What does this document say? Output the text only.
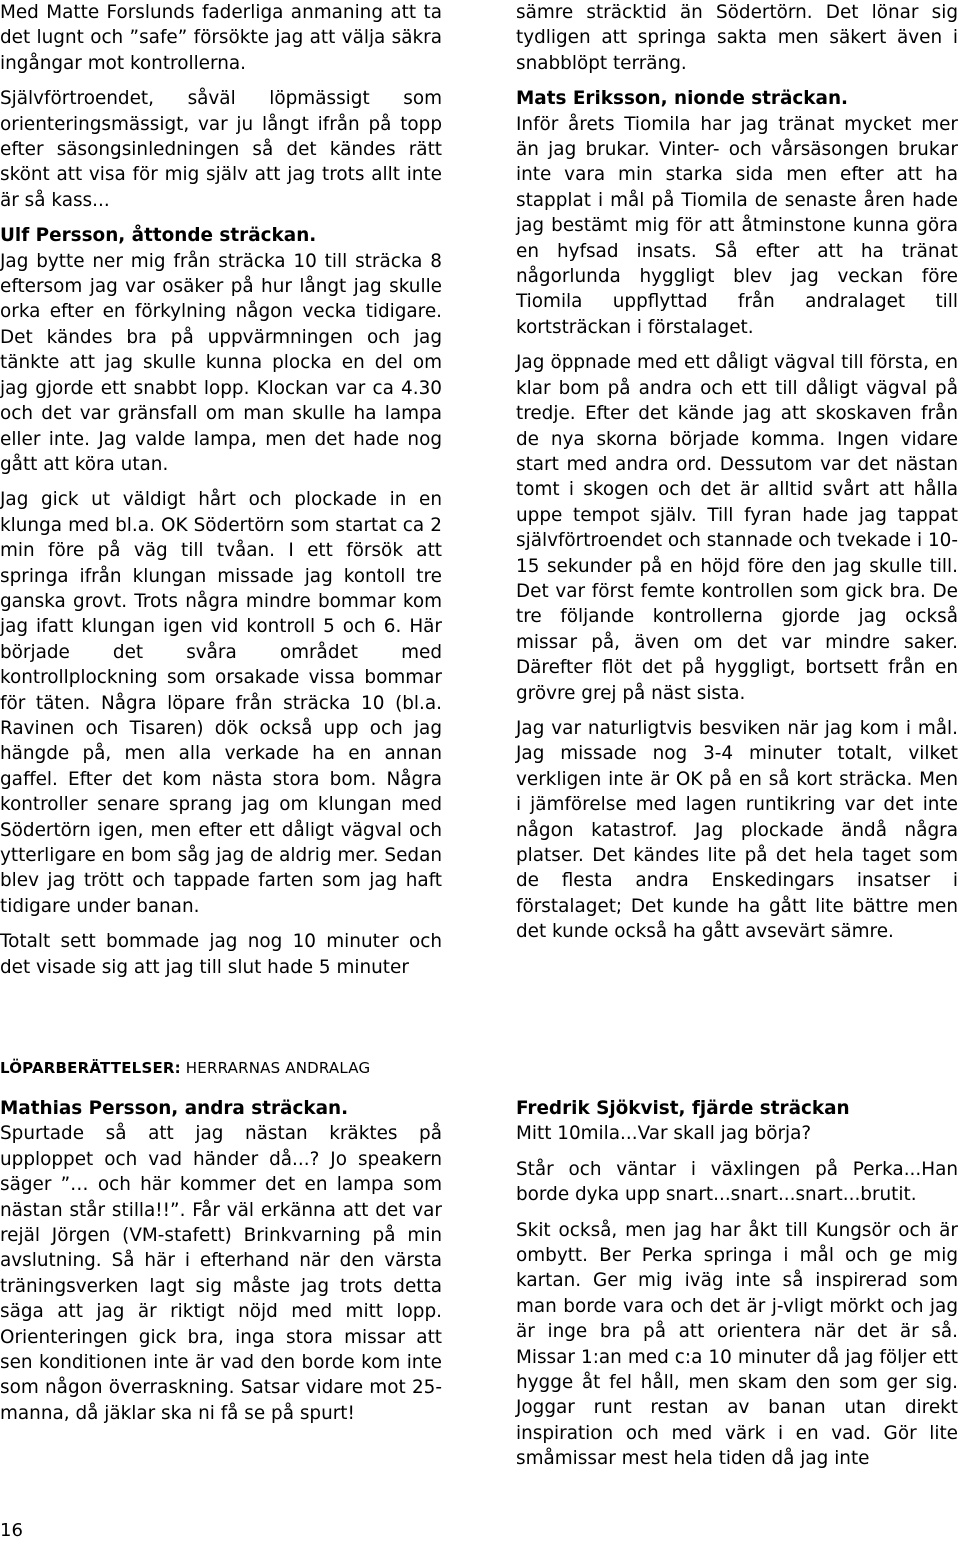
Med Matte Forslunds faderliga anmaning att ta det lugnt och ”safe” försökte jag att välja säkra ingångar mot kontrollerna.

Självförtroendet, såväl löpmässigt som orienteringsmässigt, var ju långt ifrån på topp efter säsongsinledningen så det kändes rätt skönt att visa för mig själv att jag trots allt inte är så kass...

Ulf Persson, åttonde sträckan.

Jag bytte ner mig från sträcka 10 till sträcka 8 eftersom jag var osäker på hur långt jag skulle orka efter en förkylning någon vecka tidigare. Det kändes bra på uppvärmningen och jag tänkte att jag skulle kunna plocka en del om jag gjorde ett snabbt lopp. Klockan var ca 4.30 och det var gränsfall om man skulle ha lampa eller inte. Jag valde lampa, men det hade nog gått att köra utan.

Jag gick ut väldigt hårt och plockade in en klunga med bl.a. OK Södertörn som startat ca 2 min före på väg till tvåan. I ett försök att springa ifrån klungan missade jag kontoll tre ganska grovt. Trots några mindre bommar kom jag ifatt klungan igen vid kontroll 5 och 6. Här började det svåra området med kontrollplockning som orsakade vissa bommar för täten. Några löpare från sträcka 10 (bl.a. Ravinen och Tisaren) dök också upp och jag hängde på, men alla verkade ha en annan gaffel. Efter det kom nästa stora bom. Några kontroller senare sprang jag om klungan med Södertörn igen, men efter ett dåligt vägval och ytterligare en bom såg jag de aldrig mer. Sedan blev jag trött och tappade farten som jag haft tidigare under banan.

Totalt sett bommade jag nog 10 minuter och det visade sig att jag till slut hade 5 minuter

sämre sträcktid än Södertörn. Det lönar sig tydligen att springa sakta men säkert även i snabblöpt terräng.

Mats Eriksson, nionde sträckan.

Inför årets Tiomila har jag tränat mycket mer än jag brukar. Vinter- och vårsäsongen brukar inte vara min starka sida men efter att ha stapplat i mål på Tiomila de senaste åren hade jag bestämt mig för att åtminstone kunna göra en hyfsad insats. Så efter att ha tränat någorlunda hyggligt blev jag veckan före Tiomila uppflyttad från andralaget till kortsträckan i förstalaget.

Jag öppnade med ett dåligt vägval till första, en klar bom på andra och ett till dåligt vägval på tredje. Efter det kände jag att skoskaven från de nya skorna började komma. Ingen vidare start med andra ord. Dessutom var det nästan tomt i skogen och det är alltid svårt att hålla uppe tempot själv. Till fyran hade jag tappat självförtroendet och stannade och tvekade i 10-15 sekunder på en höjd före den jag skulle till. Det var först femte kontrollen som gick bra. De tre följande kontrollerna gjorde jag också missar på, även om det var mindre saker. Därefter flöt det på hyggligt, bortsett från en grövre grej på näst sista.

Jag var naturligtvis besviken när jag kom i mål. Jag missade nog 3-4 minuter totalt, vilket verkligen inte är OK på en så kort sträcka. Men i jämförelse med lagen runtikring var det inte någon katastrof. Jag plockade ändå några platser. Det kändes lite på det hela taget som de flesta andra Enskedingars insatser i förstalaget; Det kunde ha gått lite bättre men det kunde också ha gått avsevärt sämre.

LÖPARBERÄTTELSER: HERRARNAS ANDRALAG
Mathias Persson, andra sträckan.

Spurtade så att jag nästan kräktes på upploppet och vad händer då...? Jo speakern säger ”… och här kommer det en lampa som nästan står stilla!!”. Får väl erkänna att det var rejäl Jörgen (VM-stafett) Brinkvarning på min avslutning. Så här i efterhand när den värsta träningsverken lagt sig måste jag trots detta säga att jag är riktigt nöjd med mitt lopp. Orienteringen gick bra, inga stora missar att sen konditionen inte är vad den borde kom inte som någon överraskning. Satsar vidare mot 25-manna, då jäklar ska ni få se på spurt!

Fredrik Sjökvist, fjärde sträckan

Mitt 10mila...Var skall jag börja?

Står och väntar i växlingen på Perka...Han borde dyka upp snart...snart...snart...brutit.

Skit också, men jag har åkt till Kungsör och är ombytt. Ber Perka springa i mål och ge mig kartan. Ger mig iväg inte så inspirerad som man borde vara och det är j-vligt mörkt och jag är inge bra på att orientera när det är så. Missar 1:an med c:a 10 minuter då jag följer ett hygge åt fel håll, men skam den som ger sig. Joggar runt restan av banan utan direkt inspiration och med värk i en vad. Gör lite småmissar mest hela tiden då jag inte

16
